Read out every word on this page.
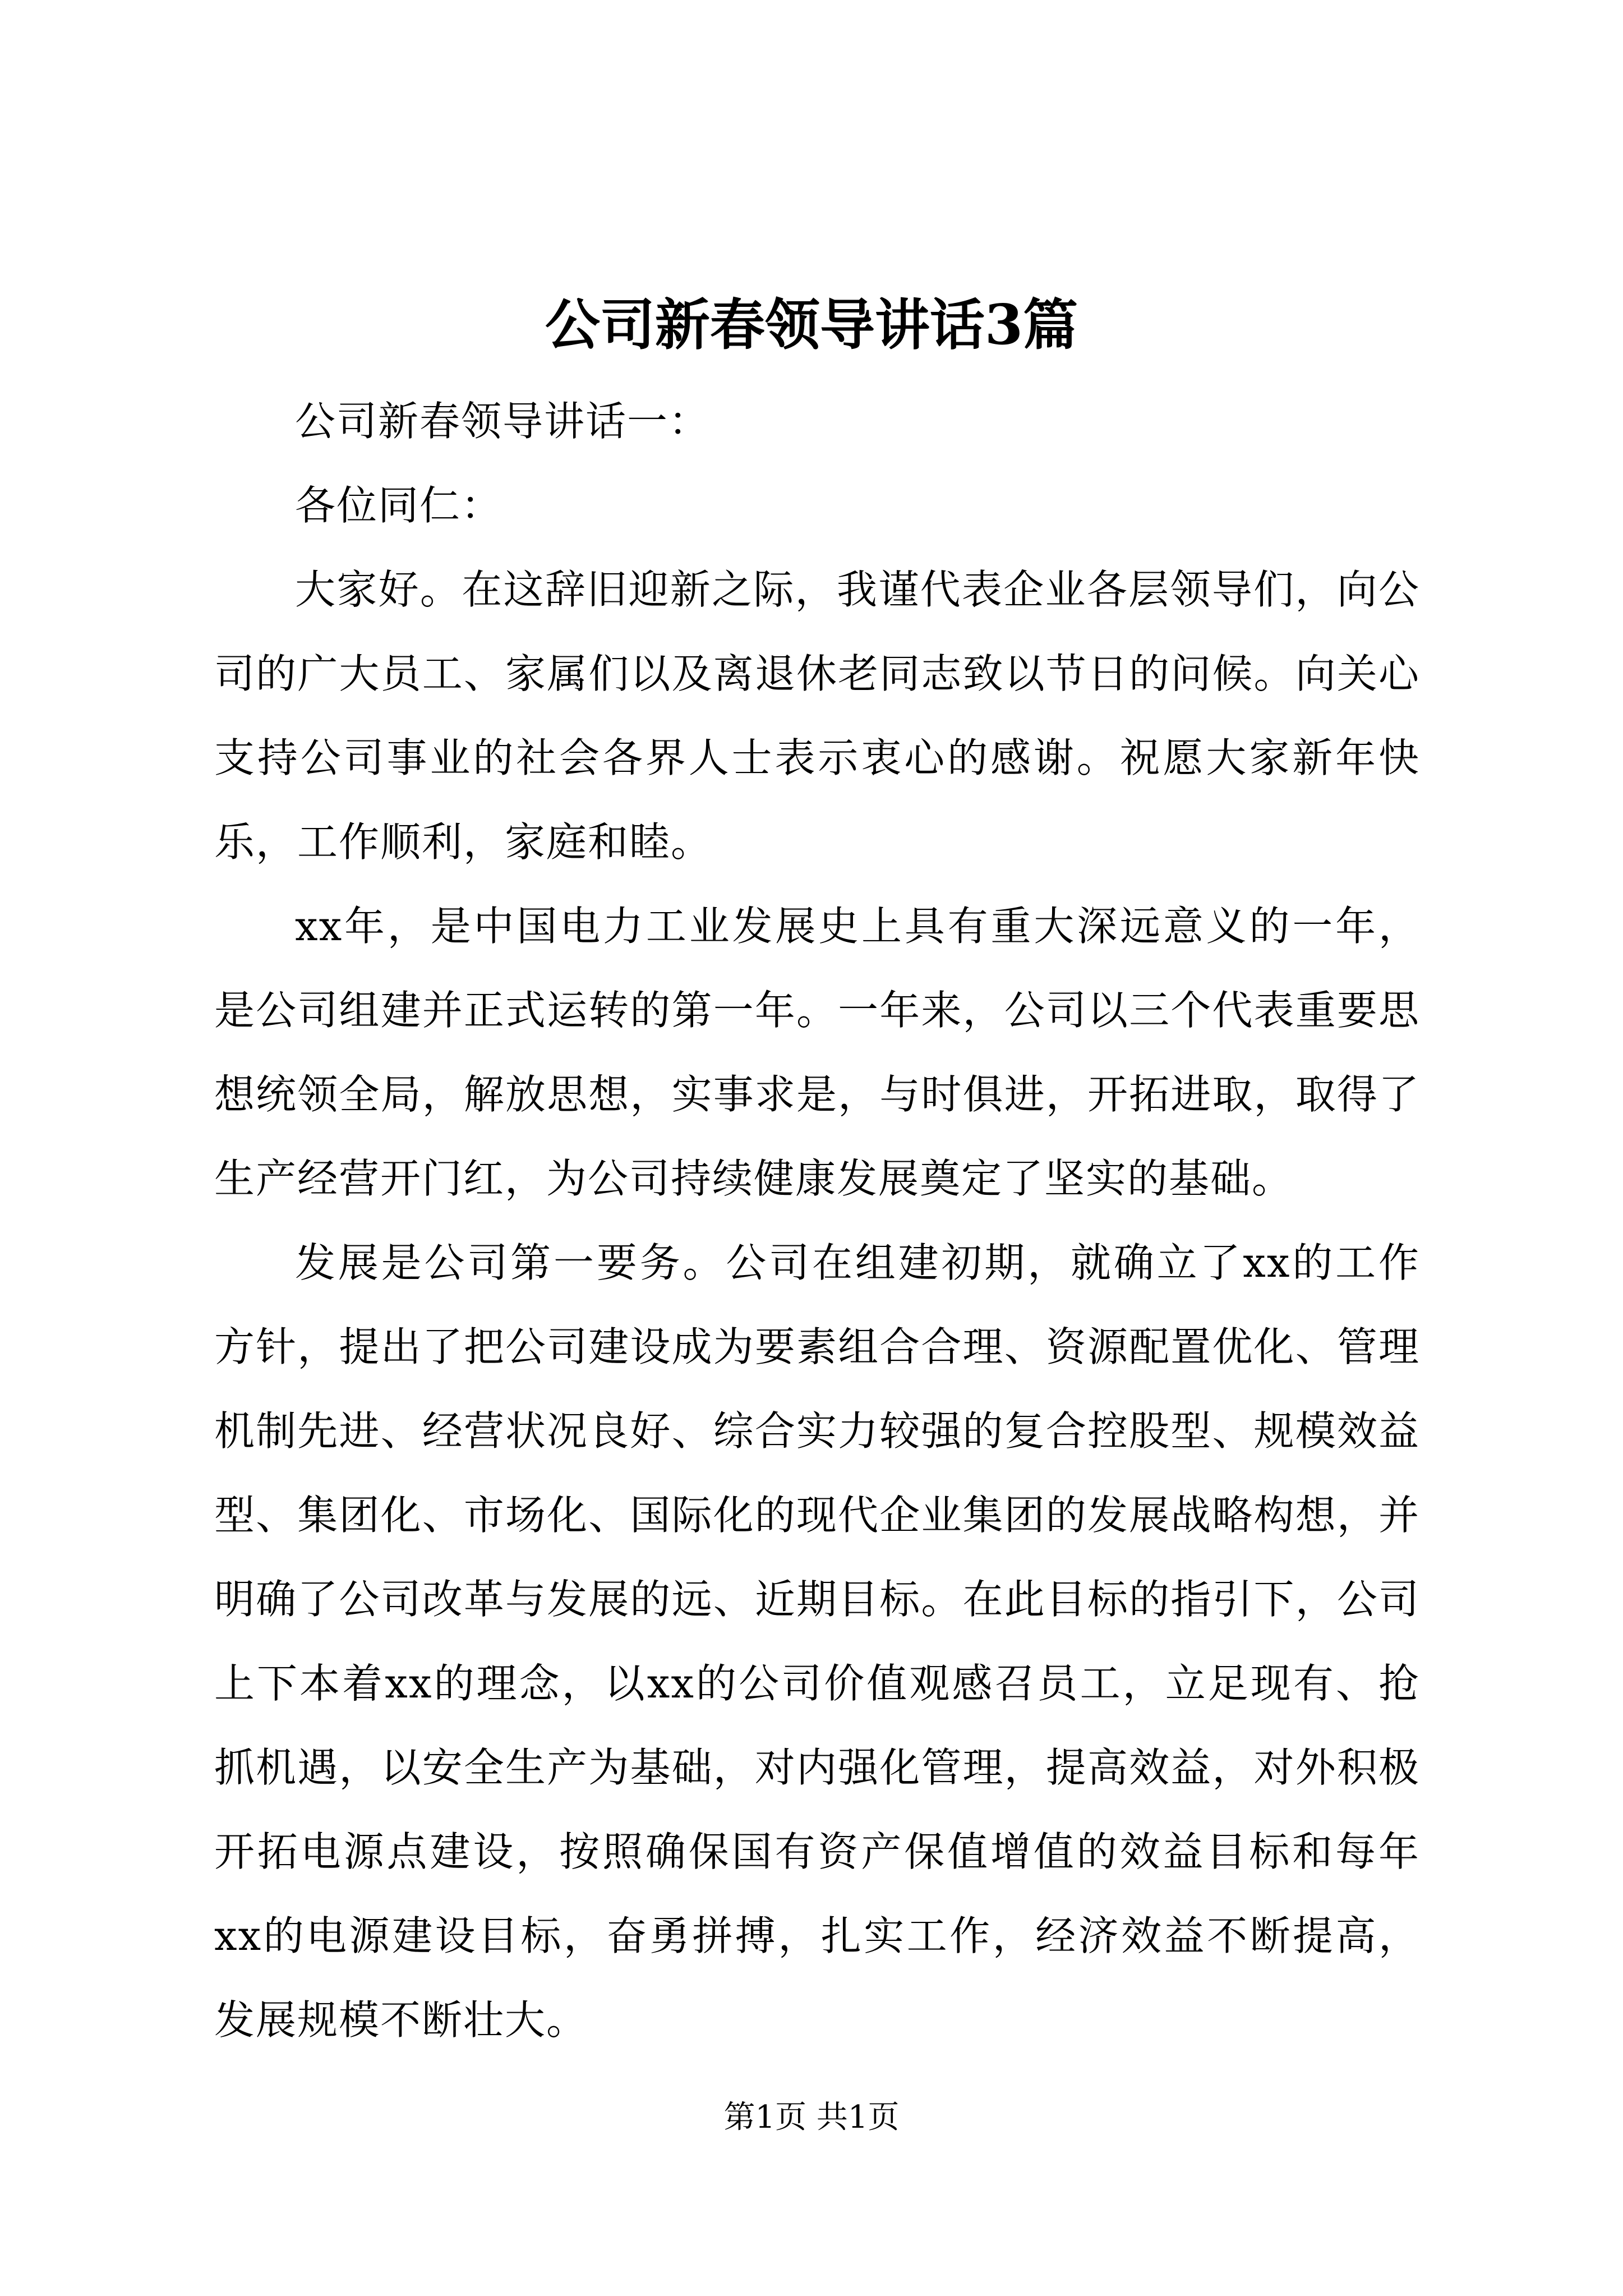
公司新春领导讲话3篇

公司新春领导讲话一：

各位同仁：

大家好。在这辞旧迎新之际，我谨代表企业各层领导们，向公司的广大员工、家属们以及离退休老同志致以节日的问候。向关心支持公司事业的社会各界人士表示衷心的感谢。祝愿大家新年快乐，工作顺利，家庭和睦。

xx年，是中国电力工业发展史上具有重大深远意义的一年，是公司组建并正式运转的第一年。一年来，公司以三个代表重要思想统领全局，解放思想，实事求是，与时俱进，开拓进取，取得了生产经营开门红，为公司持续健康发展奠定了坚实的基础。

发展是公司第一要务。公司在组建初期，就确立了xx的工作方针，提出了把公司建设成为要素组合合理、资源配置优化、管理机制先进、经营状况良好、综合实力较强的复合控股型、规模效益型、集团化、市场化、国际化的现代企业集团的发展战略构想，并明确了公司改革与发展的远、近期目标。在此目标的指引下，公司上下本着xx的理念，以xx的公司价值观感召员工，立足现有、抢抓机遇，以安全生产为基础，对内强化管理，提高效益，对外积极开拓电源点建设，按照确保国有资产保值增值的效益目标和每年xx的电源建设目标，奋勇拼搏，扎实工作，经济效益不断提高，发展规模不断壮大。

第1页 共1页
